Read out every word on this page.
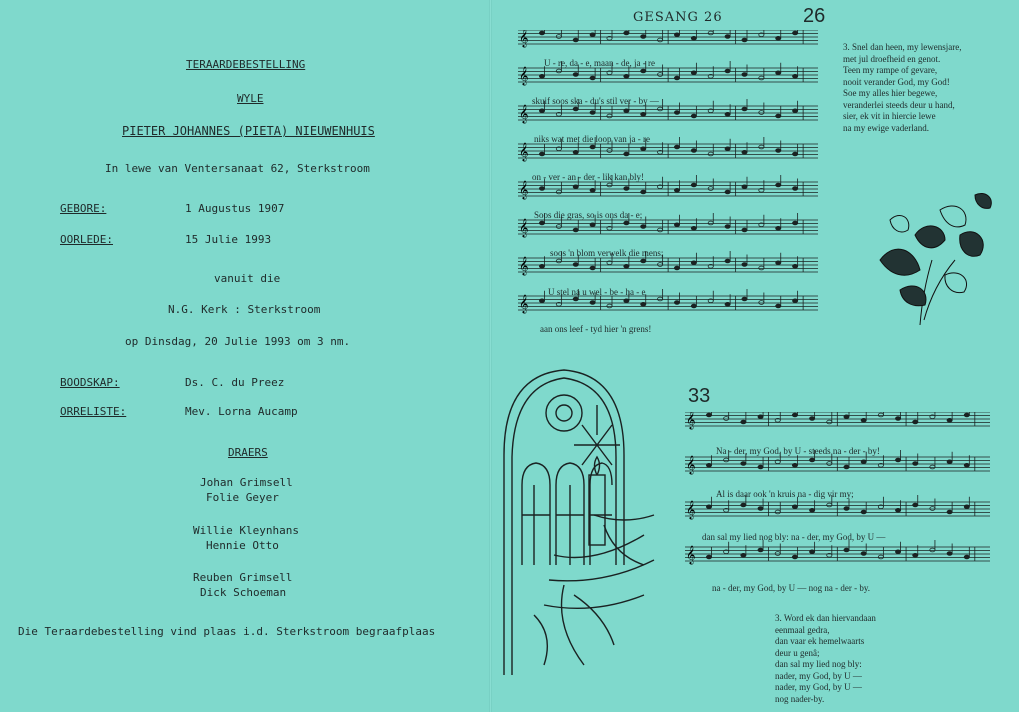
TERAARDEBESTELLING
WYLE
PIETER JOHANNES (PIETA) NIEUWENHUIS
In lewe van Ventersanaat 62, Sterkstroom
GEBORE:	1 Augustus 1907
OORLEDE:	15 Julie 1993
vanuit die
N.G. Kerk : Sterkstroom
op Dinsdag, 20 Julie 1993 om 3 nm.
BOODSKAP:	Ds. C. du Preez
ORRELISTE:	Mev. Lorna Aucamp
DRAERS
Johan Grimsell
Folie Geyer
Willie Kleynhans
Hennie Otto
Reuben Grimsell
Dick Schoeman
Die Teraardebestelling vind plaas i.d. Sterkstroom begraafplaas
GESANG 26	26
𝄞
𝄞
𝄞
𝄞
𝄞
𝄞
𝄞
𝄞
U - re, da - e, maan - de, ja - re
skuif soos ska - du's stil ver - by —
niks wat met die loop van ja - re
on - ver - an - der - lik kan bly!
Soos die gras, so is ons da - e;
soos 'n blom verwelk die mens;
U stel na u wel - be - ha - e
aan ons leef - tyd hier 'n grens!
3. Snel dan heen, my lewensjare,
met jul droefheid en genot.
Teen my rampe of gevare,
nooit verander God, my God!
Soe my alles hier begewe,
veranderlei steeds deur u hand,
sier, ek vit in hiercie lewe
na my ewige vaderland.
33
𝄞
𝄞
𝄞
𝄞
Na - der, my God, by U - steeds na - der - by!
Al is daar ook 'n kruis na - dig vir my;
dan sal my lied nog bly: na - der, my God, by U —
na - der, my God, by U — nog na - der - by.
3. Word ek dan hiervandaan
eenmaal gedra,
dan vaar ek hemelwaarts
deur u genâ;
dan sal my lied nog bly:
nader, my God, by U —
nader, my God, by U —
nog nader-by.
